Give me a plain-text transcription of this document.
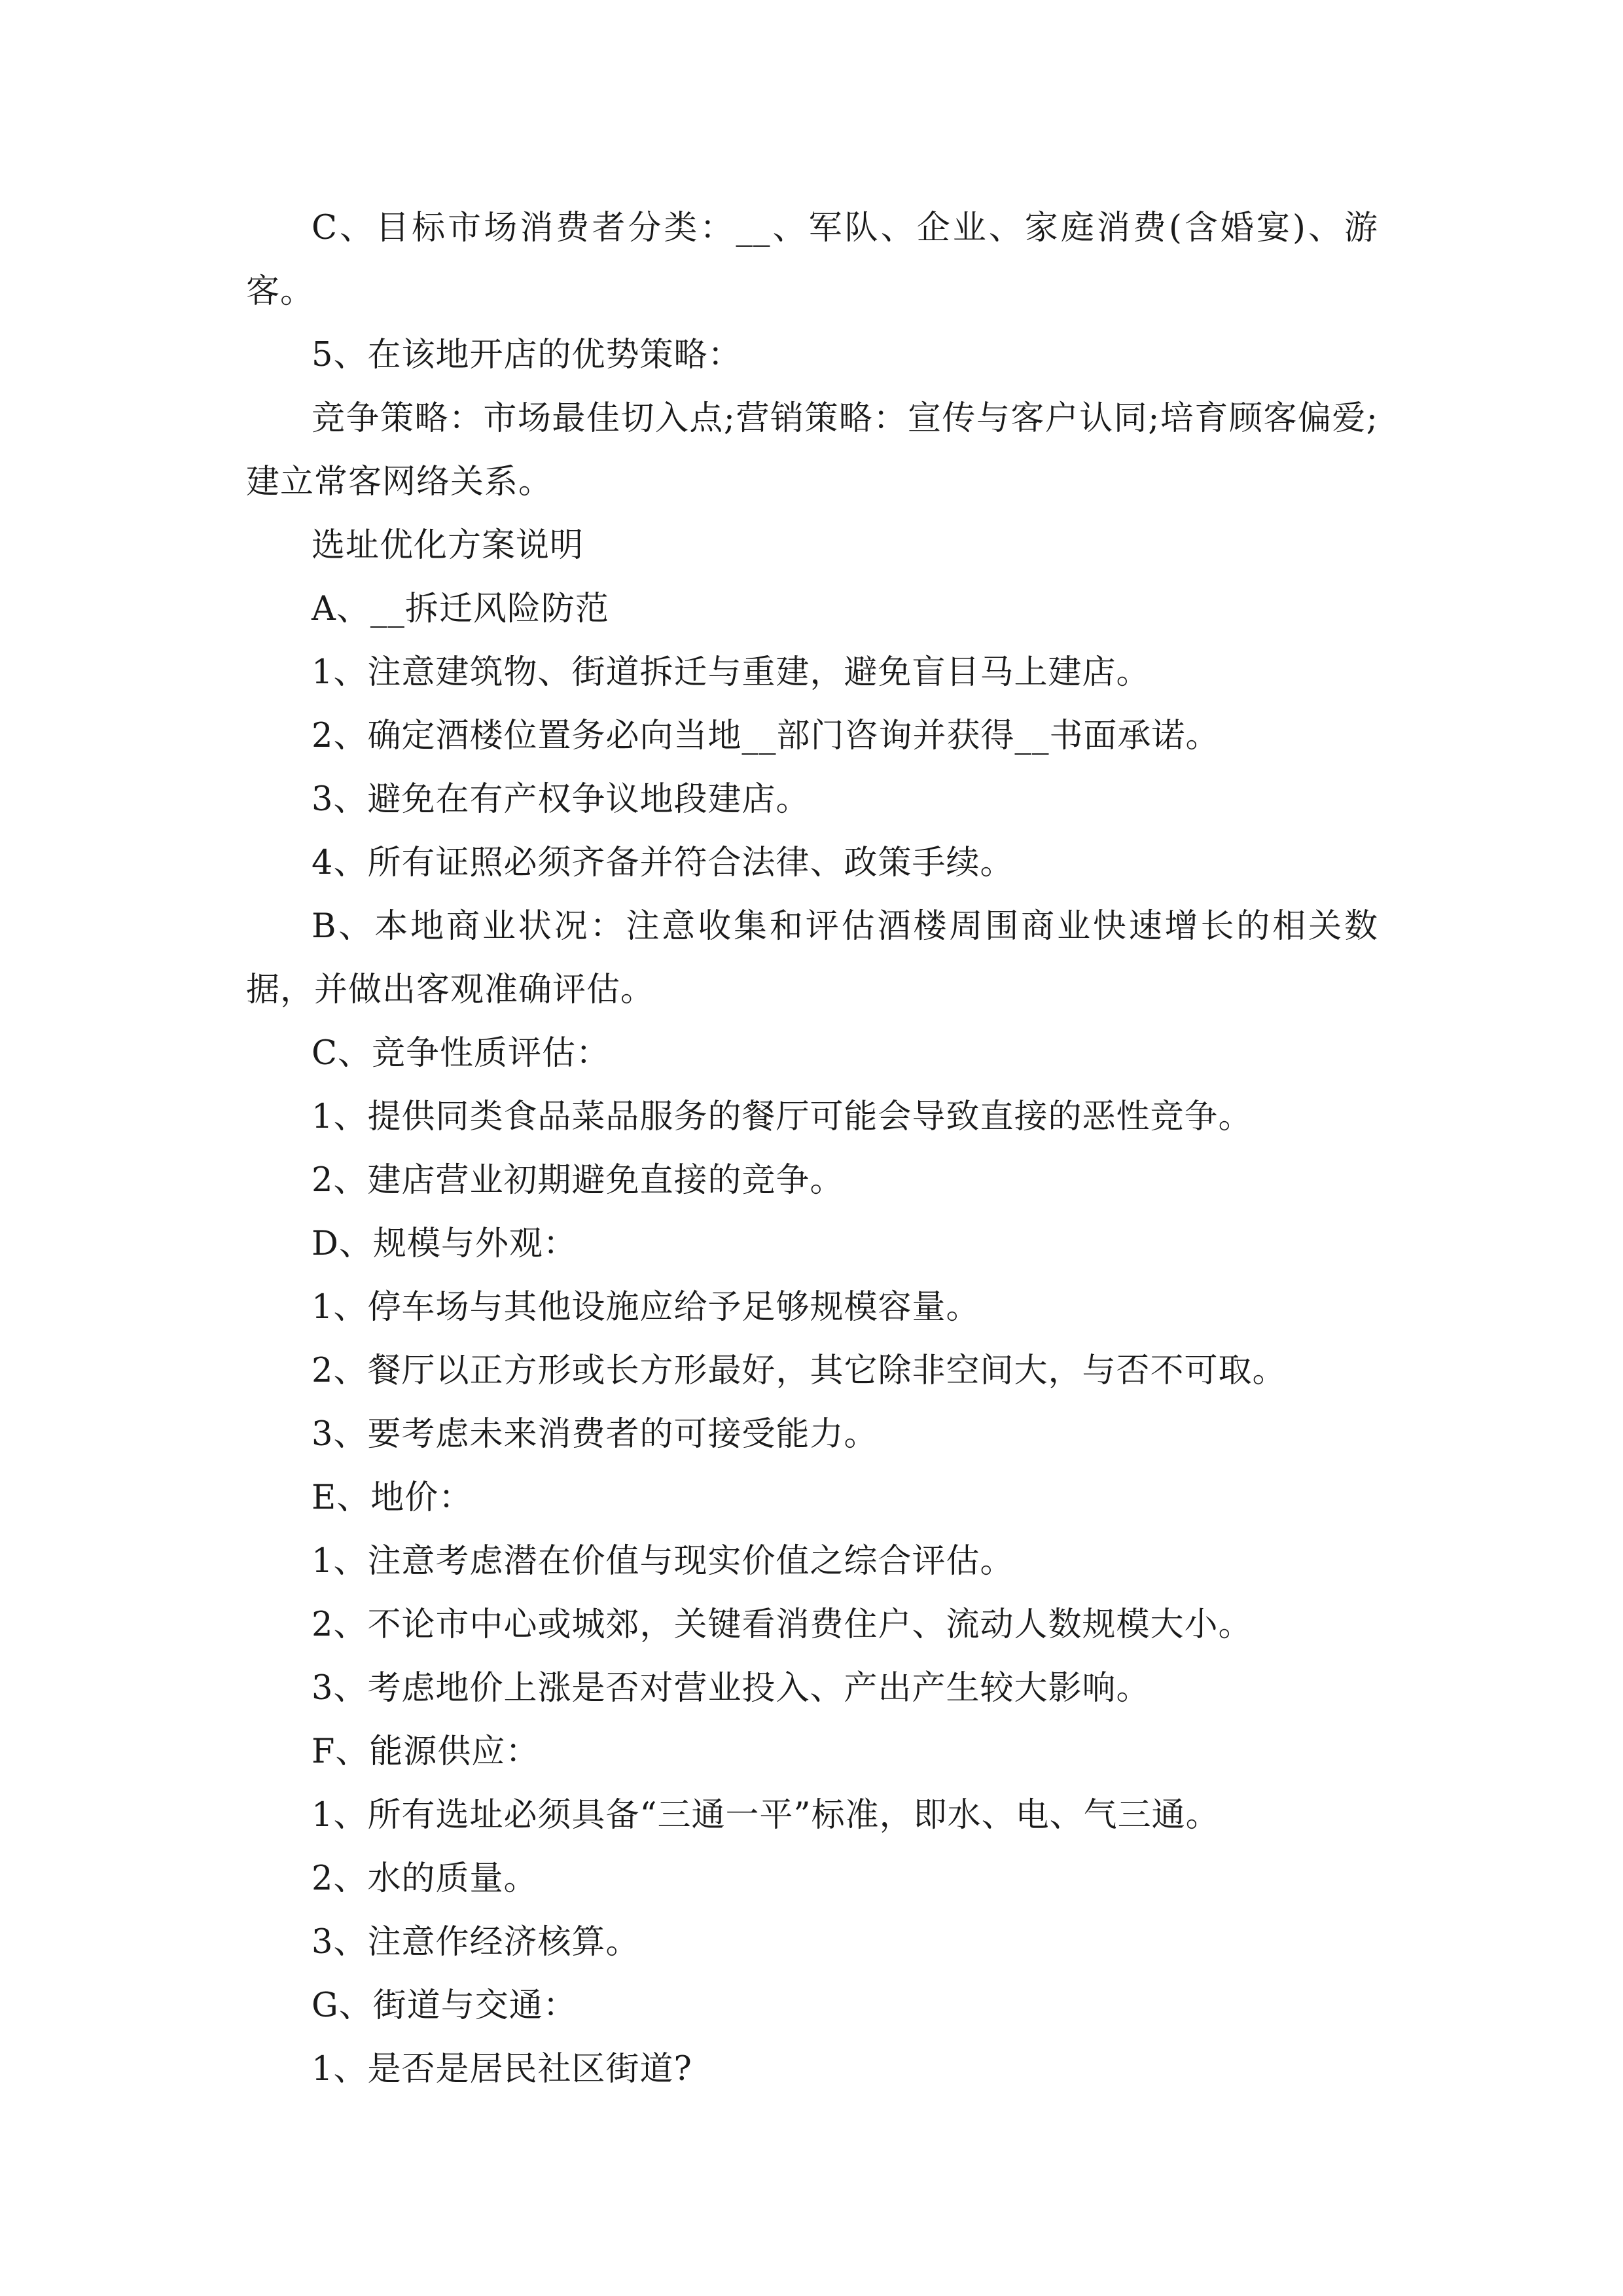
C、目标市场消费者分类：__、军队、企业、家庭消费(含婚宴)、游客。

5、在该地开店的优势策略：

竞争策略：市场最佳切入点;营销策略：宣传与客户认同;培育顾客偏爱;建立常客网络关系。

选址优化方案说明

A、__拆迁风险防范

1、注意建筑物、街道拆迁与重建，避免盲目马上建店。

2、确定酒楼位置务必向当地__部门咨询并获得__书面承诺。

3、避免在有产权争议地段建店。

4、所有证照必须齐备并符合法律、政策手续。

B、本地商业状况：注意收集和评估酒楼周围商业快速增长的相关数据，并做出客观准确评估。

C、竞争性质评估：

1、提供同类食品菜品服务的餐厅可能会导致直接的恶性竞争。

2、建店营业初期避免直接的竞争。

D、规模与外观：

1、停车场与其他设施应给予足够规模容量。

2、餐厅以正方形或长方形最好，其它除非空间大，与否不可取。

3、要考虑未来消费者的可接受能力。

E、地价：

1、注意考虑潜在价值与现实价值之综合评估。

2、不论市中心或城郊，关键看消费住户、流动人数规模大小。

3、考虑地价上涨是否对营业投入、产出产生较大影响。

F、能源供应：

1、所有选址必须具备“三通一平”标准，即水、电、气三通。

2、水的质量。

3、注意作经济核算。

G、街道与交通：

1、是否是居民社区街道?
